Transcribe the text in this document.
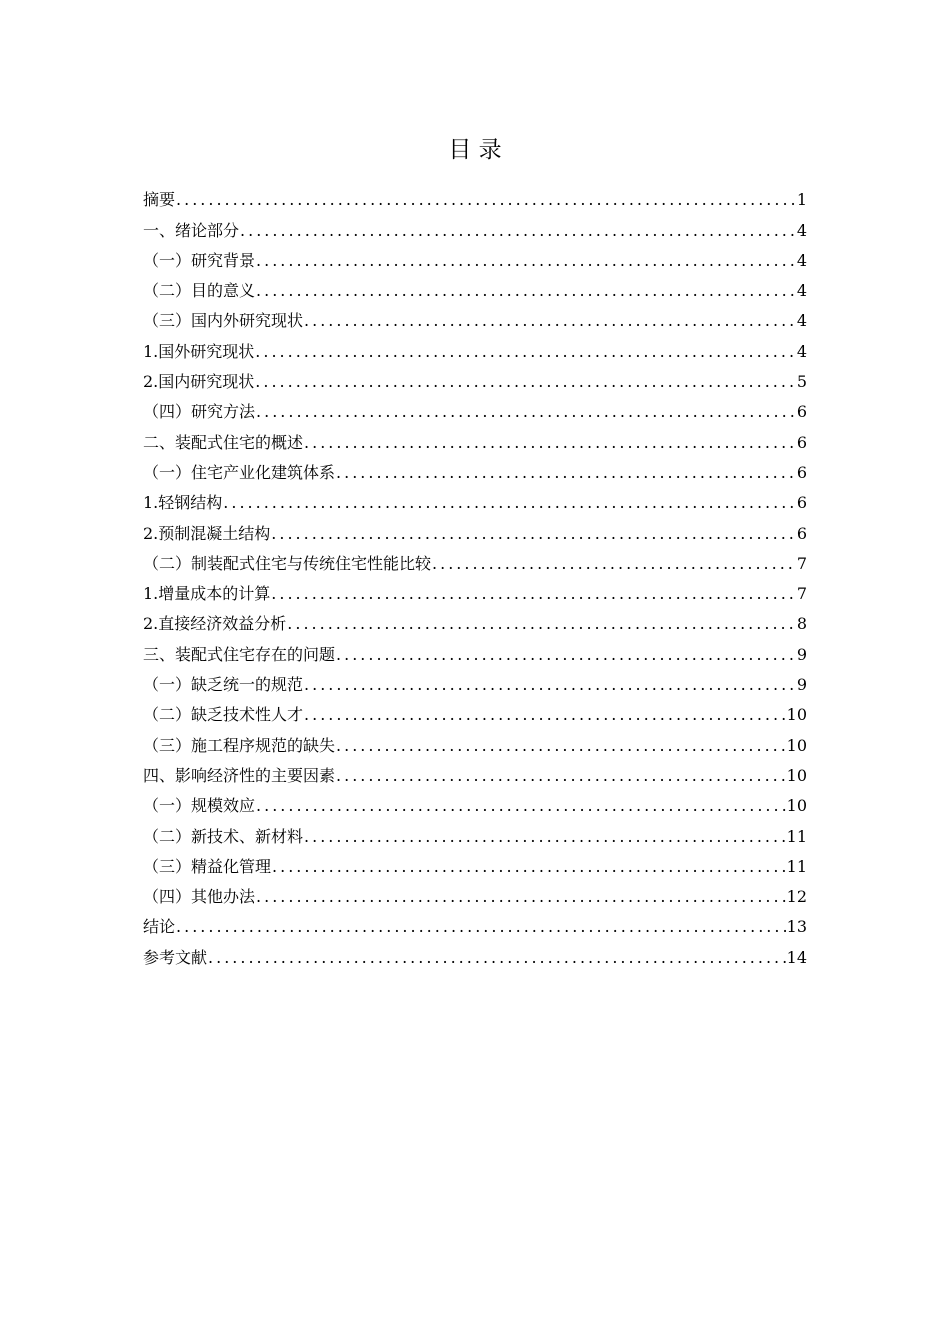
目 录
摘要 .....	1
一、绪论部分 .....	4
（一）研究背景 .....	4
（二）目的意义 .....	4
（三）国内外研究现状 .....	4
1.国外研究现状 .....	4
2.国内研究现状 .....	5
（四）研究方法 .....	6
二、装配式住宅的概述 .....	6
（一）住宅产业化建筑体系 .....	6
1.轻钢结构 .....	6
2.预制混凝土结构 .....	6
（二）制装配式住宅与传统住宅性能比较 .....	7
1.增量成本的计算 .....	7
2.直接经济效益分析 .....	8
三、装配式住宅存在的问题 .....	9
（一）缺乏统一的规范 .....	9
（二）缺乏技术性人才 .....	10
（三）施工程序规范的缺失 .....	10
四、影响经济性的主要因素 .....	10
（一）规模效应 .....	10
（二）新技术、新材料 .....	11
（三）精益化管理 .....	11
（四）其他办法 .....	12
结论 .....	13
参考文献 .....	14
